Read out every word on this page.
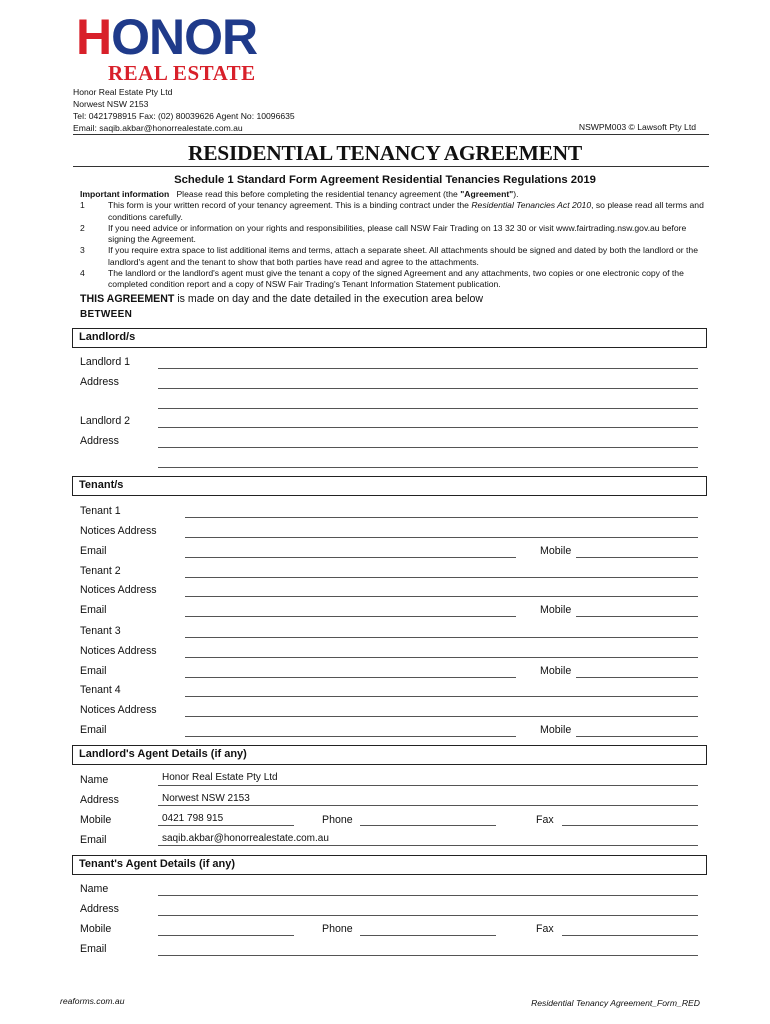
HONOR
REAL ESTATE
Honor Real Estate Pty Ltd
Norwest NSW 2153
Tel: 0421798915 Fax: (02) 80039626 Agent No: 10096635
Email: saqib.akbar@honorrealestate.com.au	NSWPM003 © Lawsoft Pty Ltd
RESIDENTIAL TENANCY AGREEMENT
Schedule 1 Standard Form Agreement Residential Tenancies Regulations 2019
Important information Please read this before completing the residential tenancy agreement (the "Agreement").
1	This form is your written record of your tenancy agreement. This is a binding contract under the Residential Tenancies Act 2010, so please read all terms and conditions carefully.
2	If you need advice or information on your rights and responsibilities, please call NSW Fair Trading on 13 32 30 or visit www.fairtrading.nsw.gov.au before signing the Agreement.
3	If you require extra space to list additional items and terms, attach a separate sheet. All attachments should be signed and dated by both the landlord or the landlord's agent and the tenant to show that both parties have read and agree to the attachments.
4	The landlord or the landlord's agent must give the tenant a copy of the signed Agreement and any attachments, two copies or one electronic copy of the completed condition report and a copy of NSW Fair Trading's Tenant Information Statement publication.
THIS AGREEMENT is made on day and the date detailed in the execution area below
BETWEEN
Landlord/s
Landlord 1
Address
Landlord 2
Address
Tenant/s
Tenant 1
Notices Address
Email	Mobile
Tenant 2
Notices Address
Email	Mobile
Tenant 3
Notices Address
Email	Mobile
Tenant 4
Notices Address
Email	Mobile
Landlord's Agent Details (if any)
Name	Honor Real Estate Pty Ltd
Address	Norwest NSW 2153
Mobile	0421 798 915	Phone	Fax
Email	saqib.akbar@honorrealestate.com.au
Tenant's Agent Details (if any)
Name
Address
Mobile	Phone	Fax
Email
reaforms.com.au	Residential Tenancy Agreement_Form_RED
